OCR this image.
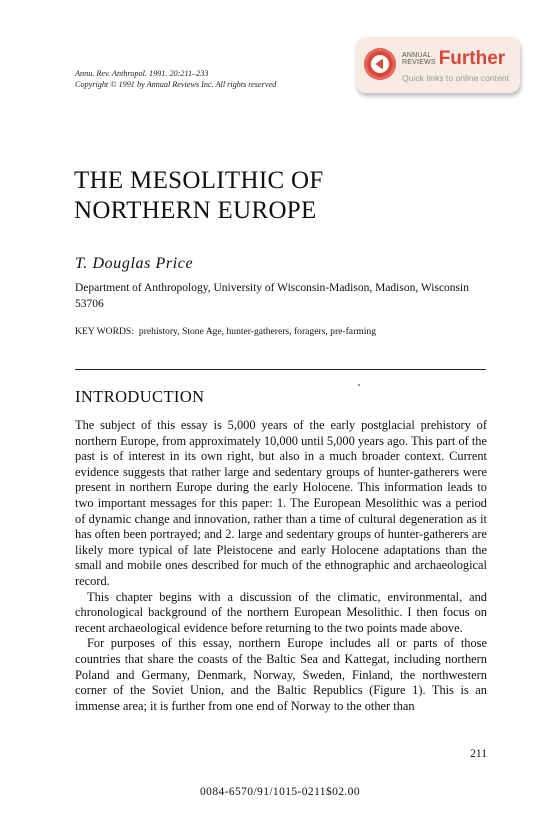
Annu. Rev. Anthropol. 1991. 20:211–233
Copyright © 1991 by Annual Reviews Inc. All rights reserved
ANNUAL
REVIEWS Further
Quick links to online content
THE MESOLITHIC OF
NORTHERN EUROPE
T. Douglas Price
Department of Anthropology, University of Wisconsin-Madison, Madison, Wisconsin 53706
KEY WORDS: prehistory, Stone Age, hunter-gatherers, foragers, pre-farming
INTRODUCTION

The subject of this essay is 5,000 years of the early postglacial prehistory of northern Europe, from approximately 10,000 until 5,000 years ago. This part of the past is of interest in its own right, but also in a much broader context. Current evidence suggests that rather large and sedentary groups of hunter-gatherers were present in northern Europe during the early Holocene. This information leads to two important messages for this paper: 1. The European Mesolithic was a period of dynamic change and innovation, rather than a time of cultural degeneration as it has often been portrayed; and 2. large and sedentary groups of hunter-gatherers are likely more typical of late Pleistocene and early Holocene adaptations than the small and mobile ones described for much of the ethnographic and archaeological record.

This chapter begins with a discussion of the climatic, environmental, and chronological background of the northern European Mesolithic. I then focus on recent archaeological evidence before returning to the two points made above.

For purposes of this essay, northern Europe includes all or parts of those countries that share the coasts of the Baltic Sea and Kattegat, including northern Poland and Germany, Denmark, Norway, Sweden, Finland, the northwestern corner of the Soviet Union, and the Baltic Republics (Figure 1). This is an immense area; it is further from one end of Norway to the other than

211
0084-6570/91/1015-0211$02.00
